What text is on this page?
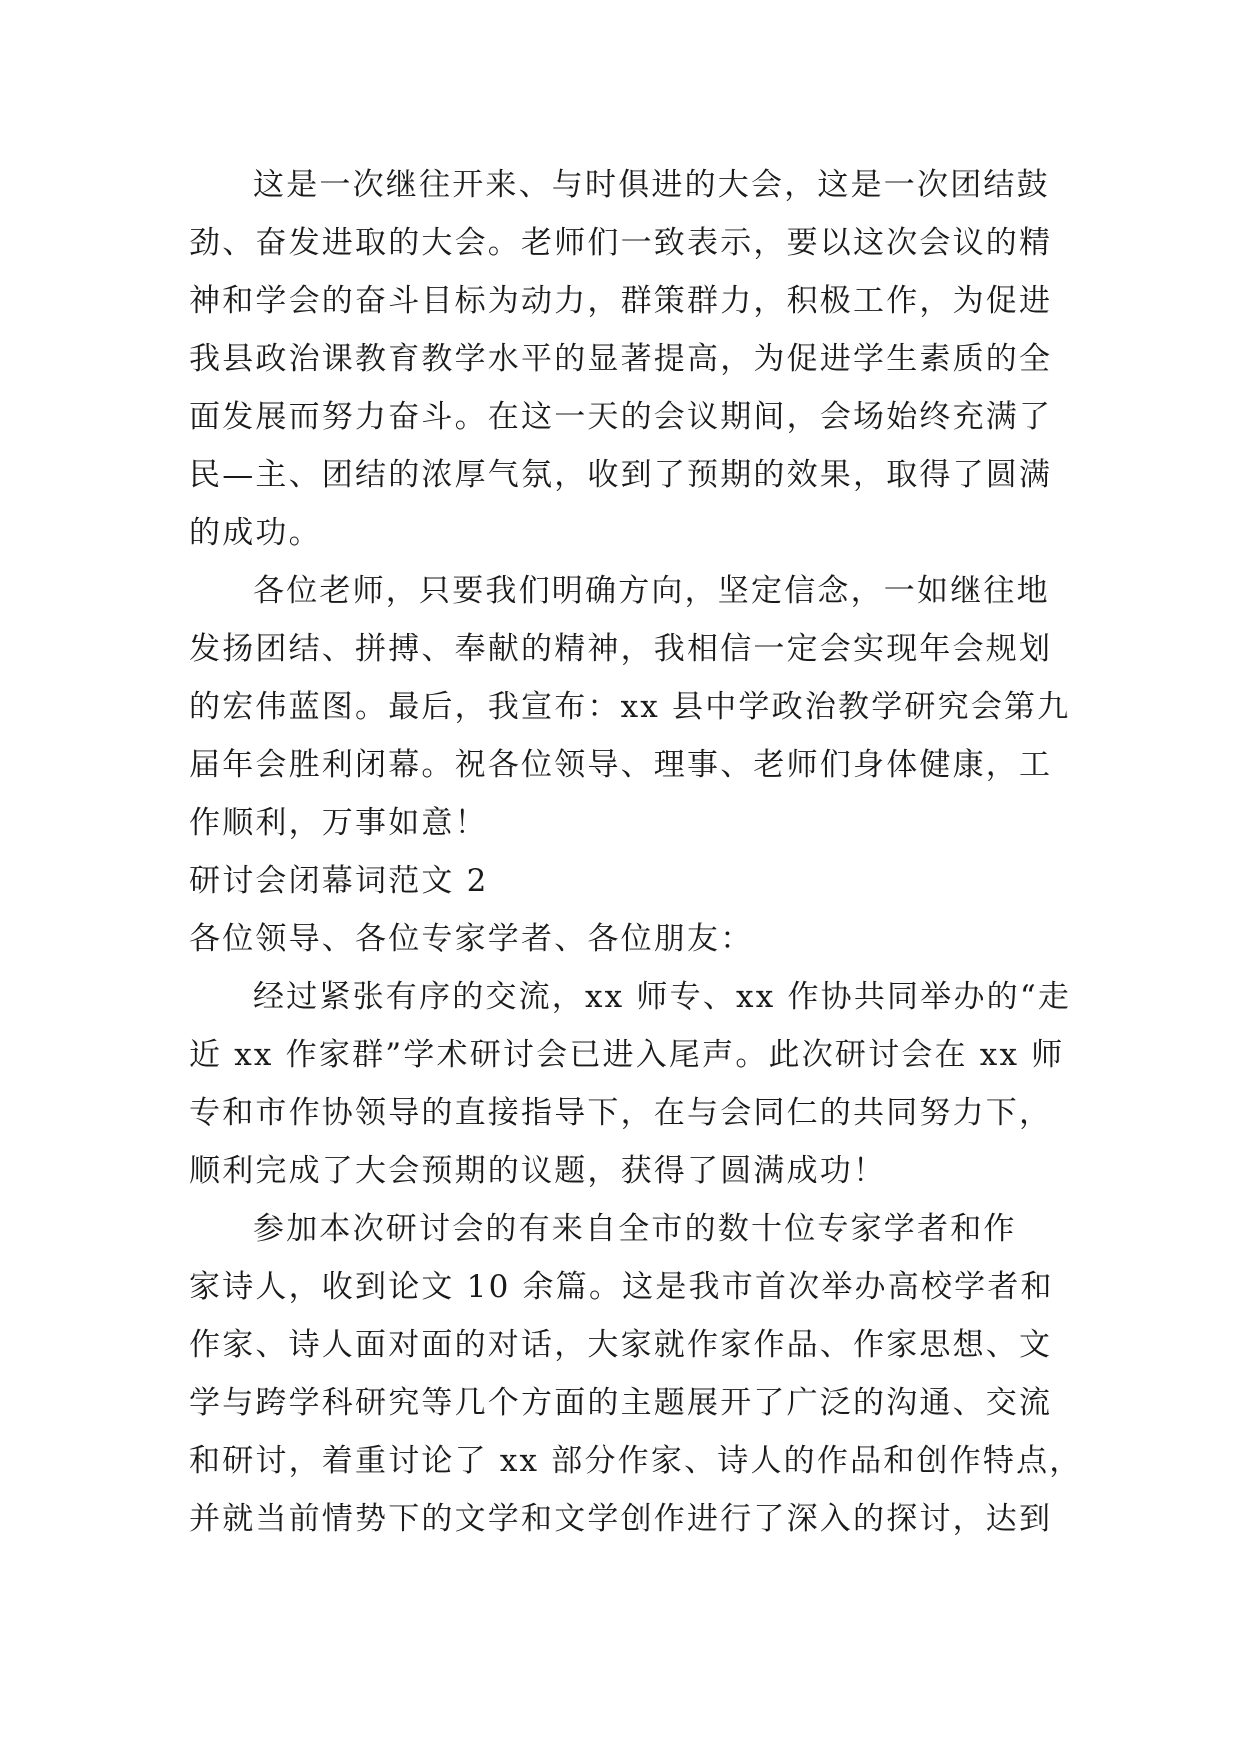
这是一次继往开来、与时俱进的大会，这是一次团结鼓
劲、奋发进取的大会。老师们一致表示，要以这次会议的精
神和学会的奋斗目标为动力，群策群力，积极工作，为促进
我县政治课教育教学水平的显著提高，为促进学生素质的全
面发展而努力奋斗。在这一天的会议期间，会场始终充满了
民—主、团结的浓厚气氛，收到了预期的效果，取得了圆满
的成功。
各位老师，只要我们明确方向，坚定信念，一如继往地
发扬团结、拼搏、奉献的精神，我相信一定会实现年会规划
的宏伟蓝图。最后，我宣布：xx 县中学政治教学研究会第九
届年会胜利闭幕。祝各位领导、理事、老师们身体健康，工
作顺利，万事如意！
研讨会闭幕词范文 2
各位领导、各位专家学者、各位朋友：
经过紧张有序的交流，xx 师专、xx 作协共同举办的“走
近 xx 作家群”学术研讨会已进入尾声。此次研讨会在 xx 师
专和市作协领导的直接指导下，在与会同仁的共同努力下，
顺利完成了大会预期的议题，获得了圆满成功！
参加本次研讨会的有来自全市的数十位专家学者和作
家诗人，收到论文 10 余篇。这是我市首次举办高校学者和
作家、诗人面对面的对话，大家就作家作品、作家思想、文
学与跨学科研究等几个方面的主题展开了广泛的沟通、交流
和研讨，着重讨论了 xx 部分作家、诗人的作品和创作特点，
并就当前情势下的文学和文学创作进行了深入的探讨，达到
